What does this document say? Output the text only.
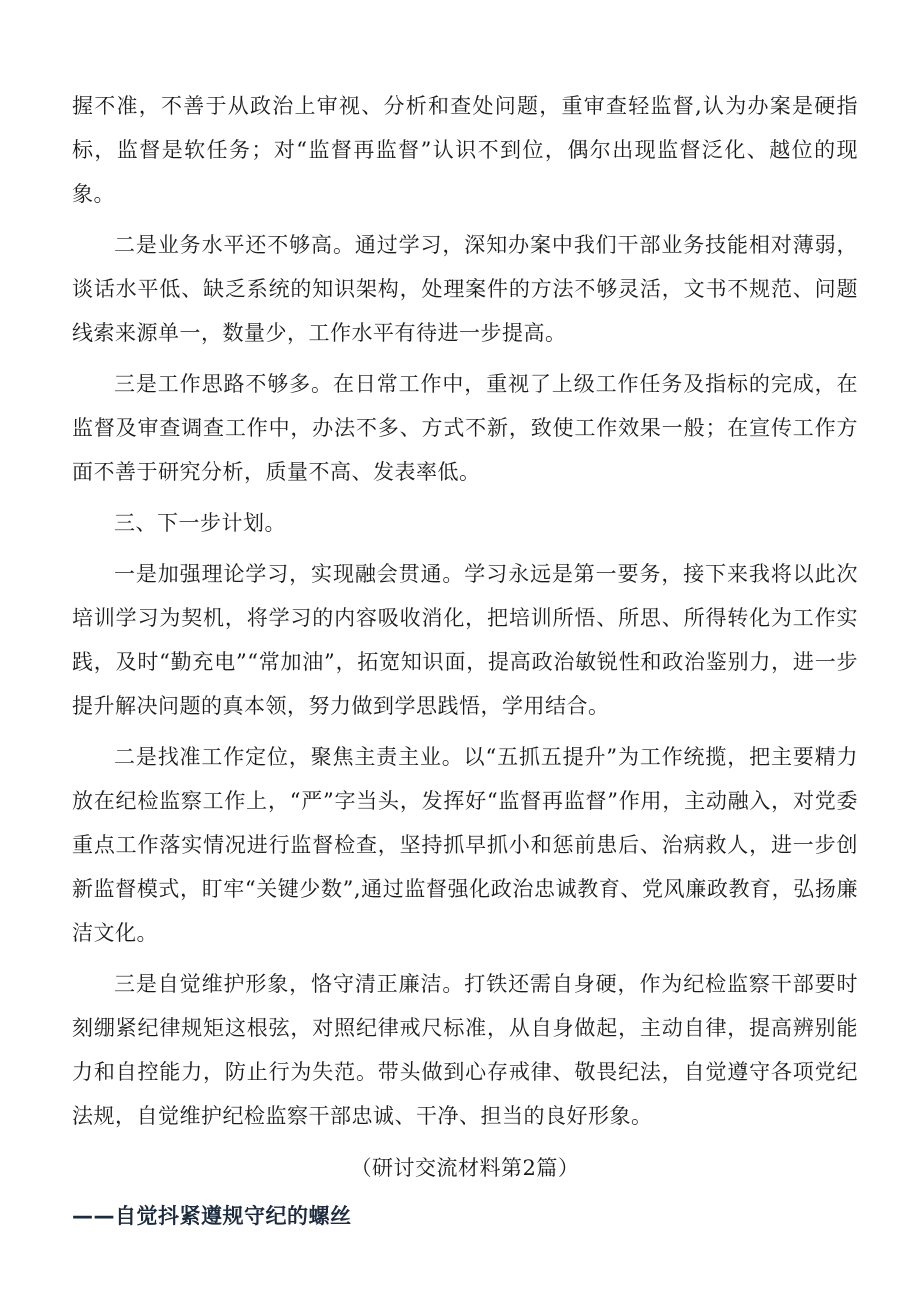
握不准，不善于从政治上审视、分析和查处问题，重审查轻监督,认为办案是硬指标，监督是软任务；对“监督再监督”认识不到位，偶尔出现监督泛化、越位的现象。

二是业务水平还不够高。通过学习，深知办案中我们干部业务技能相对薄弱，谈话水平低、缺乏系统的知识架构，处理案件的方法不够灵活，文书不规范、问题线索来源单一，数量少，工作水平有待进一步提高。

三是工作思路不够多。在日常工作中，重视了上级工作任务及指标的完成，在监督及审查调查工作中，办法不多、方式不新，致使工作效果一般；在宣传工作方面不善于研究分析，质量不高、发表率低。

三、下一步计划。

一是加强理论学习，实现融会贯通。学习永远是第一要务，接下来我将以此次培训学习为契机，将学习的内容吸收消化，把培训所悟、所思、所得转化为工作实践，及时“勤充电”“常加油”，拓宽知识面，提高政治敏锐性和政治鉴别力，进一步提升解决问题的真本领，努力做到学思践悟，学用结合。

二是找准工作定位，聚焦主责主业。以“五抓五提升”为工作统揽，把主要精力放在纪检监察工作上，“严”字当头，发挥好“监督再监督”作用，主动融入，对党委重点工作落实情况进行监督检查，坚持抓早抓小和惩前患后、治病救人，进一步创新监督模式，盯牢“关键少数”,通过监督强化政治忠诚教育、党风廉政教育，弘扬廉洁文化。

三是自觉维护形象，恪守清正廉洁。打铁还需自身硬，作为纪检监察干部要时刻绷紧纪律规矩这根弦，对照纪律戒尺标准，从自身做起，主动自律，提高辨别能力和自控能力，防止行为失范。带头做到心存戒律、敬畏纪法，自觉遵守各项党纪法规，自觉维护纪检监察干部忠诚、干净、担当的良好形象。

（研讨交流材料第2篇）

——自觉抖紧遵规守纪的螺丝
